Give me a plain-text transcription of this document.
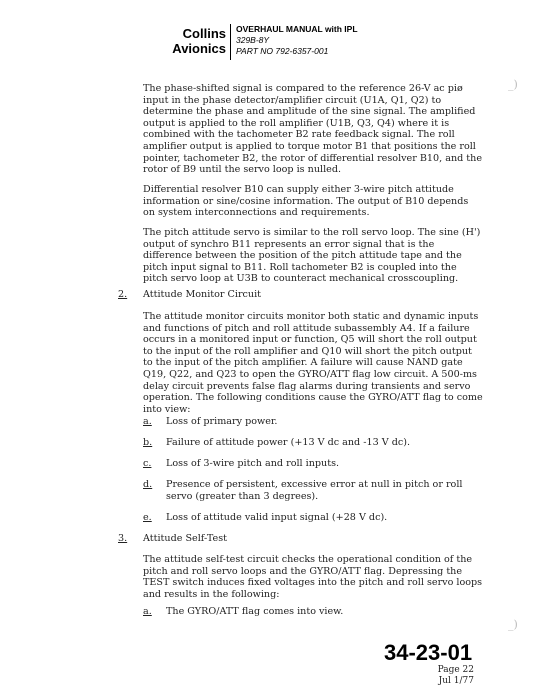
Collins
Avionics
OVERHAUL MANUAL with IPL
329B-8Y
PART NO 792-6357-001

The phase-shifted signal is compared to the reference 26-V ac piø input in the phase detector/amplifier circuit (U1A, Q1, Q2) to determine the phase and amplitude of the sine signal. The amplified output is applied to the roll amplifier (U1B, Q3, Q4) where it is combined with the tachometer B2 rate feedback signal. The roll amplifier output is applied to torque motor B1 that positions the roll pointer, tachometer B2, the rotor of differential resolver B10, and the rotor of B9 until the servo loop is nulled.

Differential resolver B10 can supply either 3-wire pitch attitude information or sine/cosine information. The output of B10 depends on system interconnections and requirements.

The pitch attitude servo is similar to the roll servo loop. The sine (H') output of synchro B11 represents an error signal that is the difference between the position of the pitch attitude tape and the pitch input signal to B11. Roll tachometer B2 is coupled into the pitch servo loop at U3B to counteract mechanical crosscoupling.

2. Attitude Monitor Circuit

The attitude monitor circuits monitor both static and dynamic inputs and functions of pitch and roll attitude subassembly A4. If a failure occurs in a monitored input or function, Q5 will short the roll output to the input of the roll amplifier and Q10 will short the pitch output to the input of the pitch amplifier. A failure will cause NAND gate Q19, Q22, and Q23 to open the GYRO/ATT flag low circuit. A 500-ms delay circuit prevents false flag alarms during transients and servo operation. The following conditions cause the GYRO/ATT flag to come into view:

a. Loss of primary power.
b. Failure of attitude power (+13 V dc and -13 V dc).
c. Loss of 3-wire pitch and roll inputs.
d. Presence of persistent, excessive error at null in pitch or roll servo (greater than 3 degrees).
e. Loss of attitude valid input signal (+28 V dc).
3. Attitude Self-Test

The attitude self-test circuit checks the operational condition of the pitch and roll servo loops and the GYRO/ATT flag. Depressing the TEST switch induces fixed voltages into the pitch and roll servo loops and results in the following:

a. The GYRO/ATT flag comes into view.
_)
_)
34-23-01
Page 22
Jul 1/77
